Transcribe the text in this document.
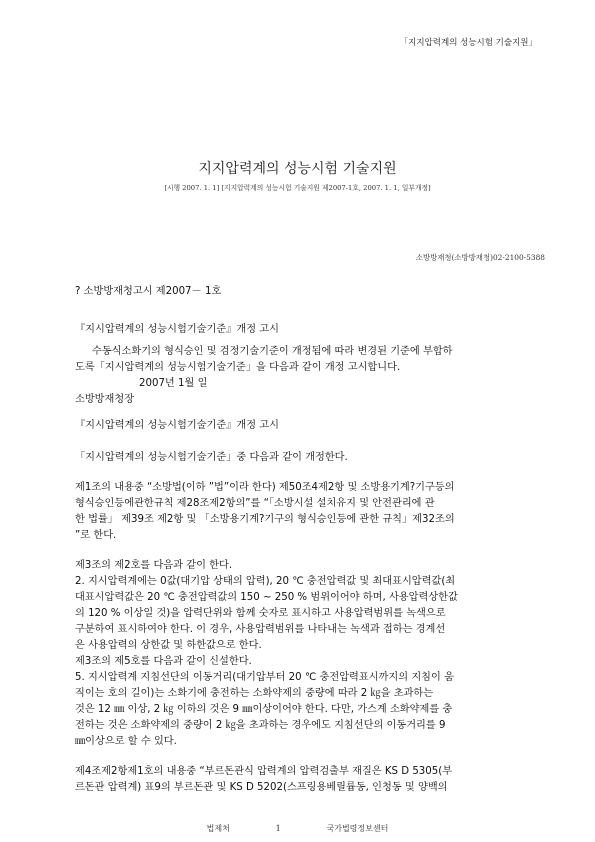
「지지압력계의 성능시험 기술지원」
지지압력계의 성능시험 기술지원
[시행 2007. 1. 1] [지지압력계의 성능시험 기술지원 제2007-1호, 2007. 1. 1, 일부개정]
소방방재청(소방방재청)02-2100-5388
? 소방방재청고시 제2007－ 1호
『지시압력계의 성능시험기술기준』개정 고시
수동식소화기의 형식승인 및 검정기술기준이 개정됨에 따라 변경된 기준에 부합하
도록「지시압력계의 성능시험기술기준」을 다음과 같이 개정 고시합니다.
2007년 1월 일
소방방재청장
『지시압력계의 성능시험기술기준』개정 고시
「지시압력계의 성능시험기술기준」중 다음과 같이 개정한다.
제1조의 내용중 “소방법(이하 ”법”이라 한다) 제50조4제2항 및 소방용기계?기구등의
형식승인등에관한규칙 제28조제2항의”를 “「소방시설 설치유지 및 안전관리에 관
한 법률」 제39조 제2항 및 「소방용기계?기구의 형식승인등에 관한 규칙」제32조의
”로 한다.
제3조의 제2호를 다음과 같이 한다.
2. 지시압력계에는 0값(대기압 상태의 압력), 20 ℃ 충전압력값 및 최대표시압력값(최
대표시압력값은 20 ℃ 충전압력값의 150 ~ 250 % 범위이어야 하며, 사용압력상한값
의 120 % 이상일 것)을 압력단위와 함께 숫자로 표시하고 사용압력범위를 녹색으로
구분하여 표시하여야 한다. 이 경우, 사용압력범위를 나타내는 녹색과 접하는 경계선
은 사용압력의 상한값 및 하한값으로 한다.
제3조의 제5호를 다음과 같이 신설한다.
5. 지시압력계 지침선단의 이동거리(대기압부터 20 ℃ 충전압력표시까지의 지침이 움
직이는 호의 길이)는 소화기에 충전하는 소화약제의 중량에 따라 2 ㎏을 초과하는
것은 12 ㎜ 이상, 2 ㎏ 이하의 것은 9 ㎜이상이어야 한다. 다만, 가스계 소화약제를 충
전하는 것은 소화약제의 중량이 2 ㎏을 초과하는 경우에도 지침선단의 이동거리를 9
㎜이상으로 할 수 있다.
제4조제2항제1호의 내용중 “부르돈관식 압력계의 압력검출부 재질은 KS D 5305(부
르돈관 압력계) 표9의 부르돈관 및 KS D 5202(스프링용베릴륨동, 인청동 및 양백의
법제처                  1                  국가법령정보센터
